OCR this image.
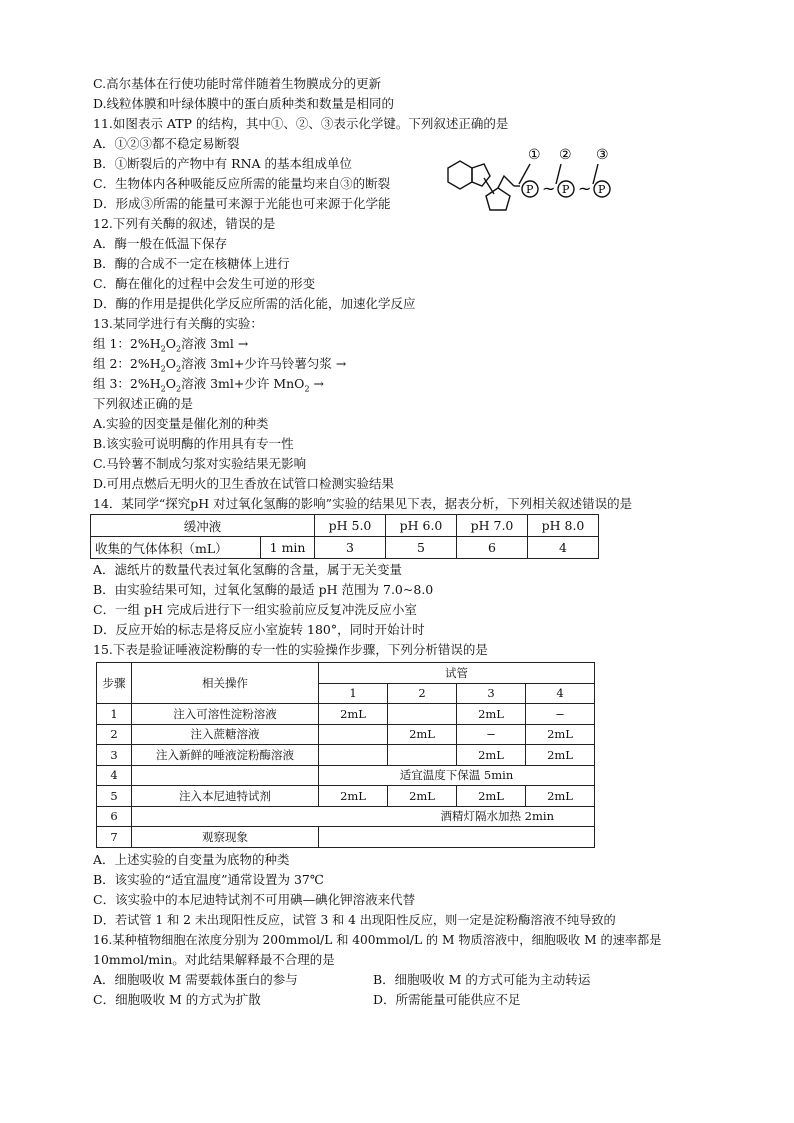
C.高尔基体在行使功能时常伴随着生物膜成分的更新
D.线粒体膜和叶绿体膜中的蛋白质种类和数量是相同的
11.如图表示 ATP 的结构，其中①、②、③表示化学键。下列叙述正确的是
A．①②③都不稳定易断裂
B．①断裂后的产物中有 RNA 的基本组成单位
C．生物体内各种吸能反应所需的能量均来自③的断裂
D．形成③所需的能量可来源于光能也可来源于化学能
① ② ③
P	P	P
~ ~
12.下列有关酶的叙述，错误的是
A．酶一般在低温下保存
B．酶的合成不一定在核糖体上进行
C．酶在催化的过程中会发生可逆的形变
D．酶的作用是提供化学反应所需的活化能，加速化学反应
13.某同学进行有关酶的实验：
组 1：$2\%H_2O_2$溶液 3ml →
组 2：$2\%H_2O_2$溶液 3ml+少许马铃薯匀浆 →
组 3：$2\%H_2O_2$溶液 3ml+少许 MnO$_2$ →
下列叙述正确的是
A.实验的因变量是催化剂的种类
B.该实验可说明酶的作用具有专一性
C.马铃薯不制成匀浆对实验结果无影响
D.可用点燃后无明火的卫生香放在试管口检测实验结果
14．某同学“探究pH 对过氧化氢酶的影响”实验的结果见下表，据表分析，下列相关叙述错误的是
缓冲液		pH 5.0	pH 6.0	pH 7.0	pH 8.0
收集的气体体积（mL）	1 min	3	5	6	4
A．滤纸片的数量代表过氧化氢酶的含量，属于无关变量
B．由实验结果可知，过氧化氢酶的最适 pH 范围为 7.0~8.0
C．一组 pH 完成后进行下一组实验前应反复冲洗反应小室
D．反应开始的标志是将反应小室旋转 180°，同时开始计时
15.下表是验证唾液淀粉酶的专一性的实验操作步骤，下列分析错误的是
步骤	相关操作	试管			
		1	2	3	4
1	注入可溶性淀粉溶液	2mL		2mL	−
2	注入蔗糖溶液		2mL	−	2mL
3	注入新鲜的唾液淀粉酶溶液			2mL	2mL
4		适宜温度下保温 5min			
5	注入本尼迪特试剂	2mL	2mL	2mL	2mL
6	酒精灯隔水加热 2min				
7	观察现象				
A．上述实验的自变量为底物的种类
B．该实验的“适宜温度”通常设置为 37℃
C．该实验中的本尼迪特试剂不可用碘—碘化钾溶液来代替
D．若试管 1 和 2 未出现阳性反应，试管 3 和 4 出现阳性反应，则一定是淀粉酶溶液不纯导致的
16.某种植物细胞在浓度分别为 200mmol/L 和 400mmol/L 的 M 物质溶液中，细胞吸收 M 的速率都是
10mmol/min。对此结果解释最不合理的是
A．细胞吸收 M 需要载体蛋白的参与	B．细胞吸收 M 的方式可能为主动转运
C．细胞吸收 M 的方式为扩散	D．所需能量可能供应不足
